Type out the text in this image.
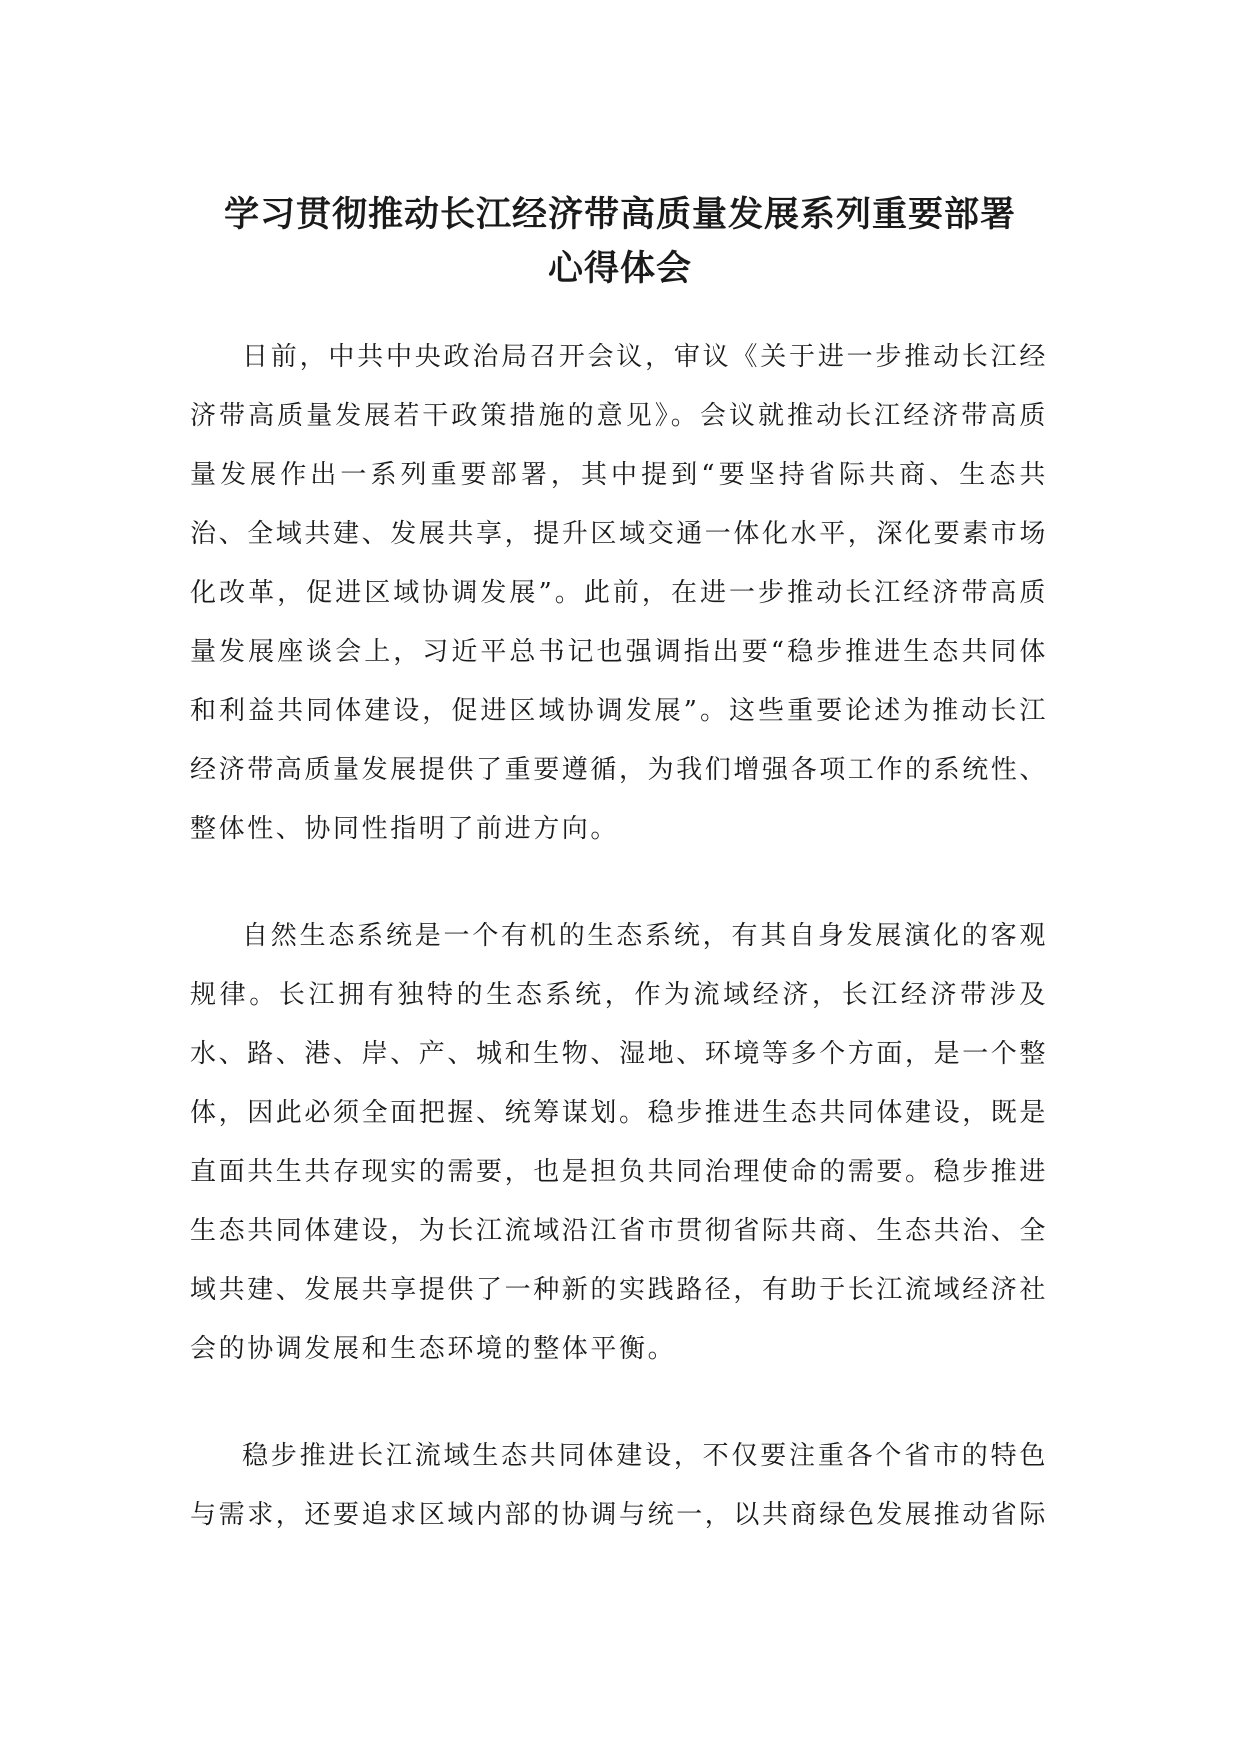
学习贯彻推动长江经济带高质量发展系列重要部署
心得体会

日前，中共中央政治局召开会议，审议《关于进一步推动长江经济带高质量发展若干政策措施的意见》。会议就推动长江经济带高质量发展作出一系列重要部署，其中提到“要坚持省际共商、生态共治、全域共建、发展共享，提升区域交通一体化水平，深化要素市场化改革，促进区域协调发展”。此前，在进一步推动长江经济带高质量发展座谈会上，习近平总书记也强调指出要“稳步推进生态共同体和利益共同体建设，促进区域协调发展”。这些重要论述为推动长江经济带高质量发展提供了重要遵循，为我们增强各项工作的系统性、整体性、协同性指明了前进方向。

自然生态系统是一个有机的生态系统，有其自身发展演化的客观规律。长江拥有独特的生态系统，作为流域经济，长江经济带涉及水、路、港、岸、产、城和生物、湿地、环境等多个方面，是一个整体，因此必须全面把握、统筹谋划。稳步推进生态共同体建设，既是直面共生共存现实的需要，也是担负共同治理使命的需要。稳步推进生态共同体建设，为长江流域沿江省市贯彻省际共商、生态共治、全域共建、发展共享提供了一种新的实践路径，有助于长江流域经济社会的协调发展和生态环境的整体平衡。

稳步推进长江流域生态共同体建设，不仅要注重各个省市的特色与需求，还要追求区域内部的协调与统一，以共商绿色发展推动省际
